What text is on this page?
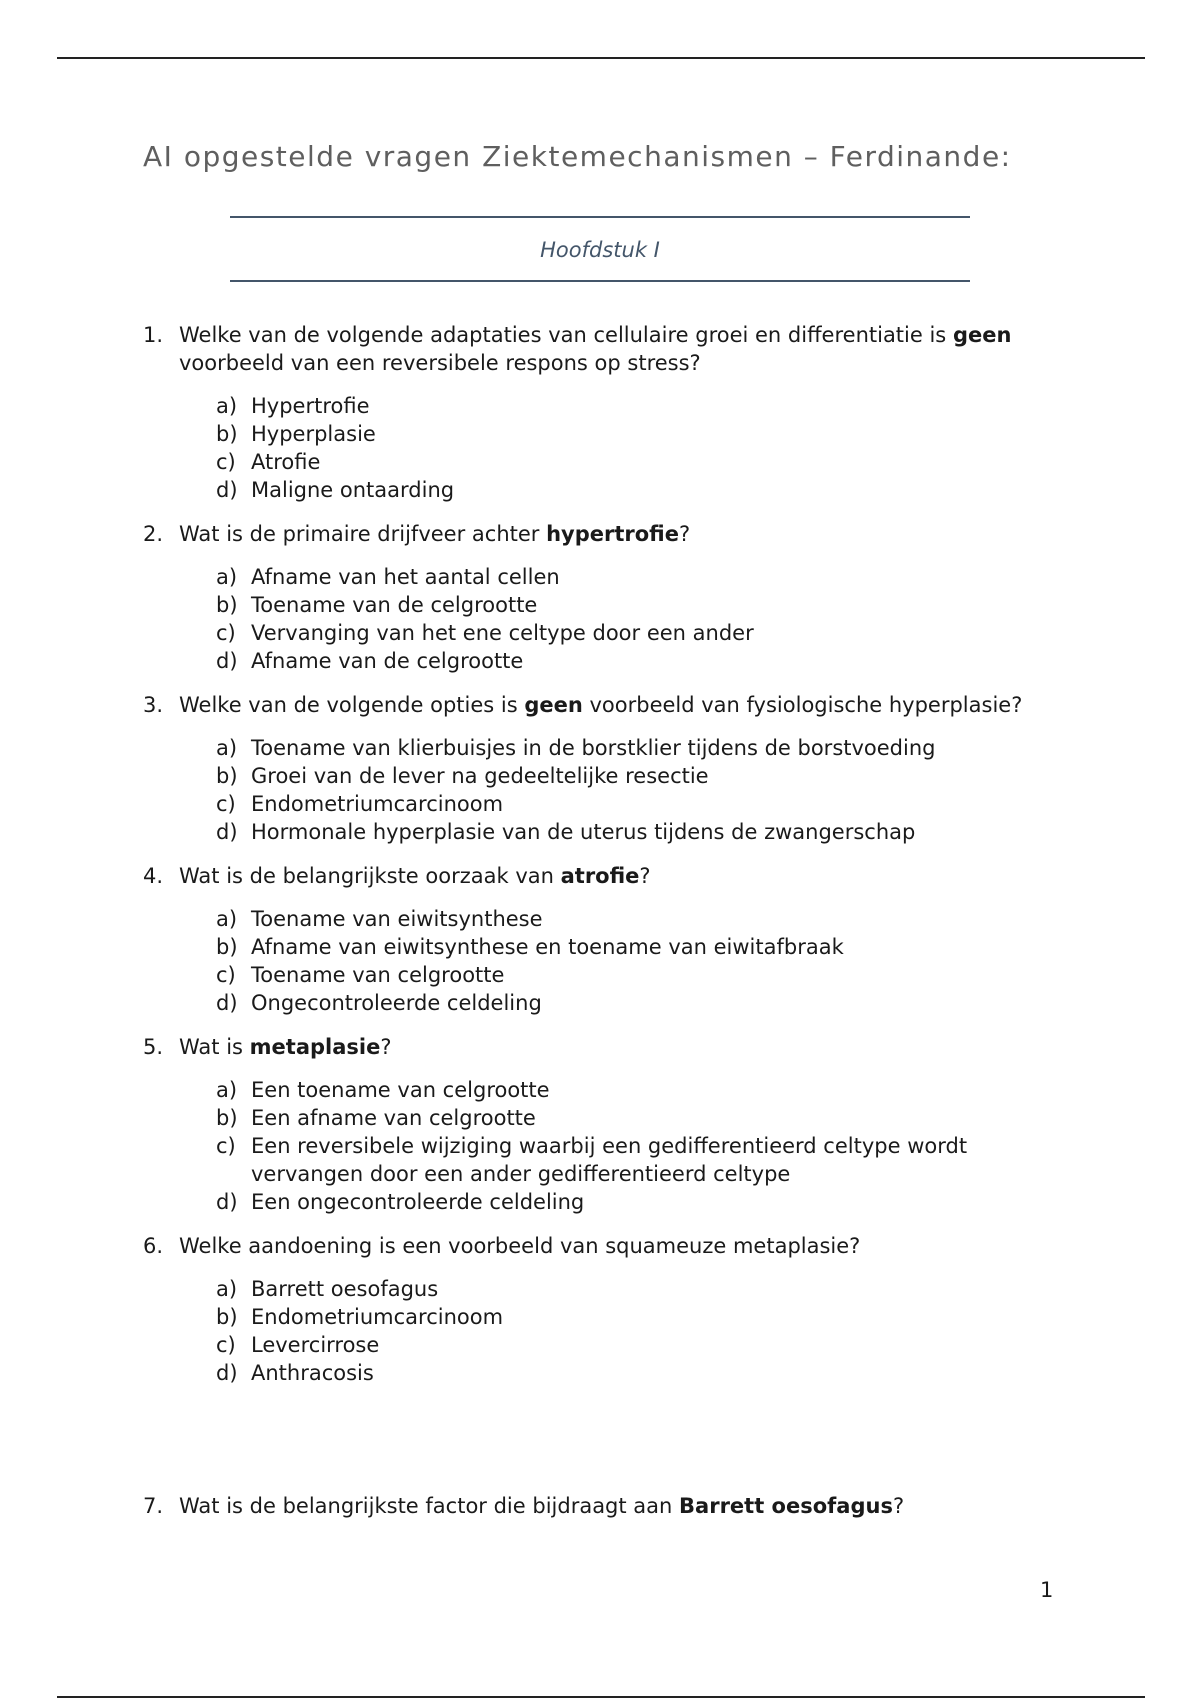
AI opgestelde vragen Ziektemechanismen – Ferdinande:
Hoofdstuk I
1. Welke van de volgende adaptaties van cellulaire groei en differentiatie is geen voorbeeld van een reversibele respons op stress?

a) Hypertrofie
b) Hyperplasie
c) Atrofie
d) Maligne ontaarding
2. Wat is de primaire drijfveer achter hypertrofie?

a) Afname van het aantal cellen
b) Toename van de celgrootte
c) Vervanging van het ene celtype door een ander
d) Afname van de celgrootte
3. Welke van de volgende opties is geen voorbeeld van fysiologische hyperplasie?

a) Toename van klierbuisjes in de borstklier tijdens de borstvoeding
b) Groei van de lever na gedeeltelijke resectie
c) Endometriumcarcinoom
d) Hormonale hyperplasie van de uterus tijdens de zwangerschap
4. Wat is de belangrijkste oorzaak van atrofie?

a) Toename van eiwitsynthese
b) Afname van eiwitsynthese en toename van eiwitafbraak
c) Toename van celgrootte
d) Ongecontroleerde celdeling
5. Wat is metaplasie?

a) Een toename van celgrootte
b) Een afname van celgrootte
c) Een reversibele wijziging waarbij een gedifferentieerd celtype wordt vervangen door een ander gedifferentieerd celtype
d) Een ongecontroleerde celdeling
6. Welke aandoening is een voorbeeld van squameuze metaplasie?

a) Barrett oesofagus
b) Endometriumcarcinoom
c) Levercirrose
d) Anthracosis
7. Wat is de belangrijkste factor die bijdraagt aan Barrett oesofagus?

1
